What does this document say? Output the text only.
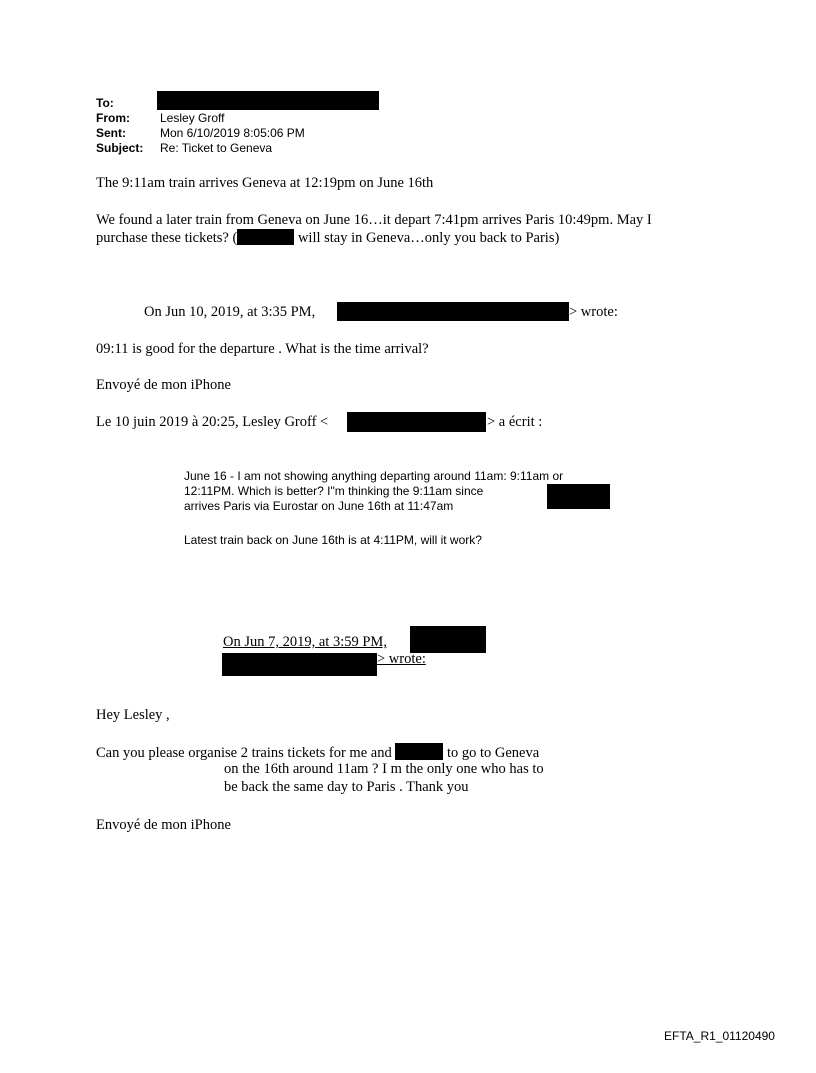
To:
From:	Lesley Groff
Sent:	Mon 6/10/2019 8:05:06 PM
Subject: Re: Ticket to Geneva
The 9:11am train arrives Geneva at 12:19pm on June 16th
We found a later train from Geneva on June 16…it depart 7:41pm arrives Paris 10:49pm. May I
purchase these tickets? (	will stay in Geneva…only you back to Paris)
On Jun 10, 2019, at 3:35 PM,	> wrote:
09:11 is good for the departure . What is the time arrival?
Envoyé de mon iPhone
Le 10 juin 2019 à 20:25, Lesley Groff <	> a écrit :
June 16 - I am not showing anything departing around 11am: 9:11am or
12:11PM. Which is better? I"m thinking the 9:11am since
arrives Paris via Eurostar on June 16th at 11:47am
Latest train back on June 16th is at 4:11PM, will it work?
On Jun 7, 2019, at 3:59 PM,
> wrote:
Hey Lesley ,
Can you please organise 2 trains tickets for me and	to go to Geneva
on the 16th around 11am ? I m the only one who has to
be back the same day to Paris . Thank you
Envoyé de mon iPhone
EFTA_R1_01120490
